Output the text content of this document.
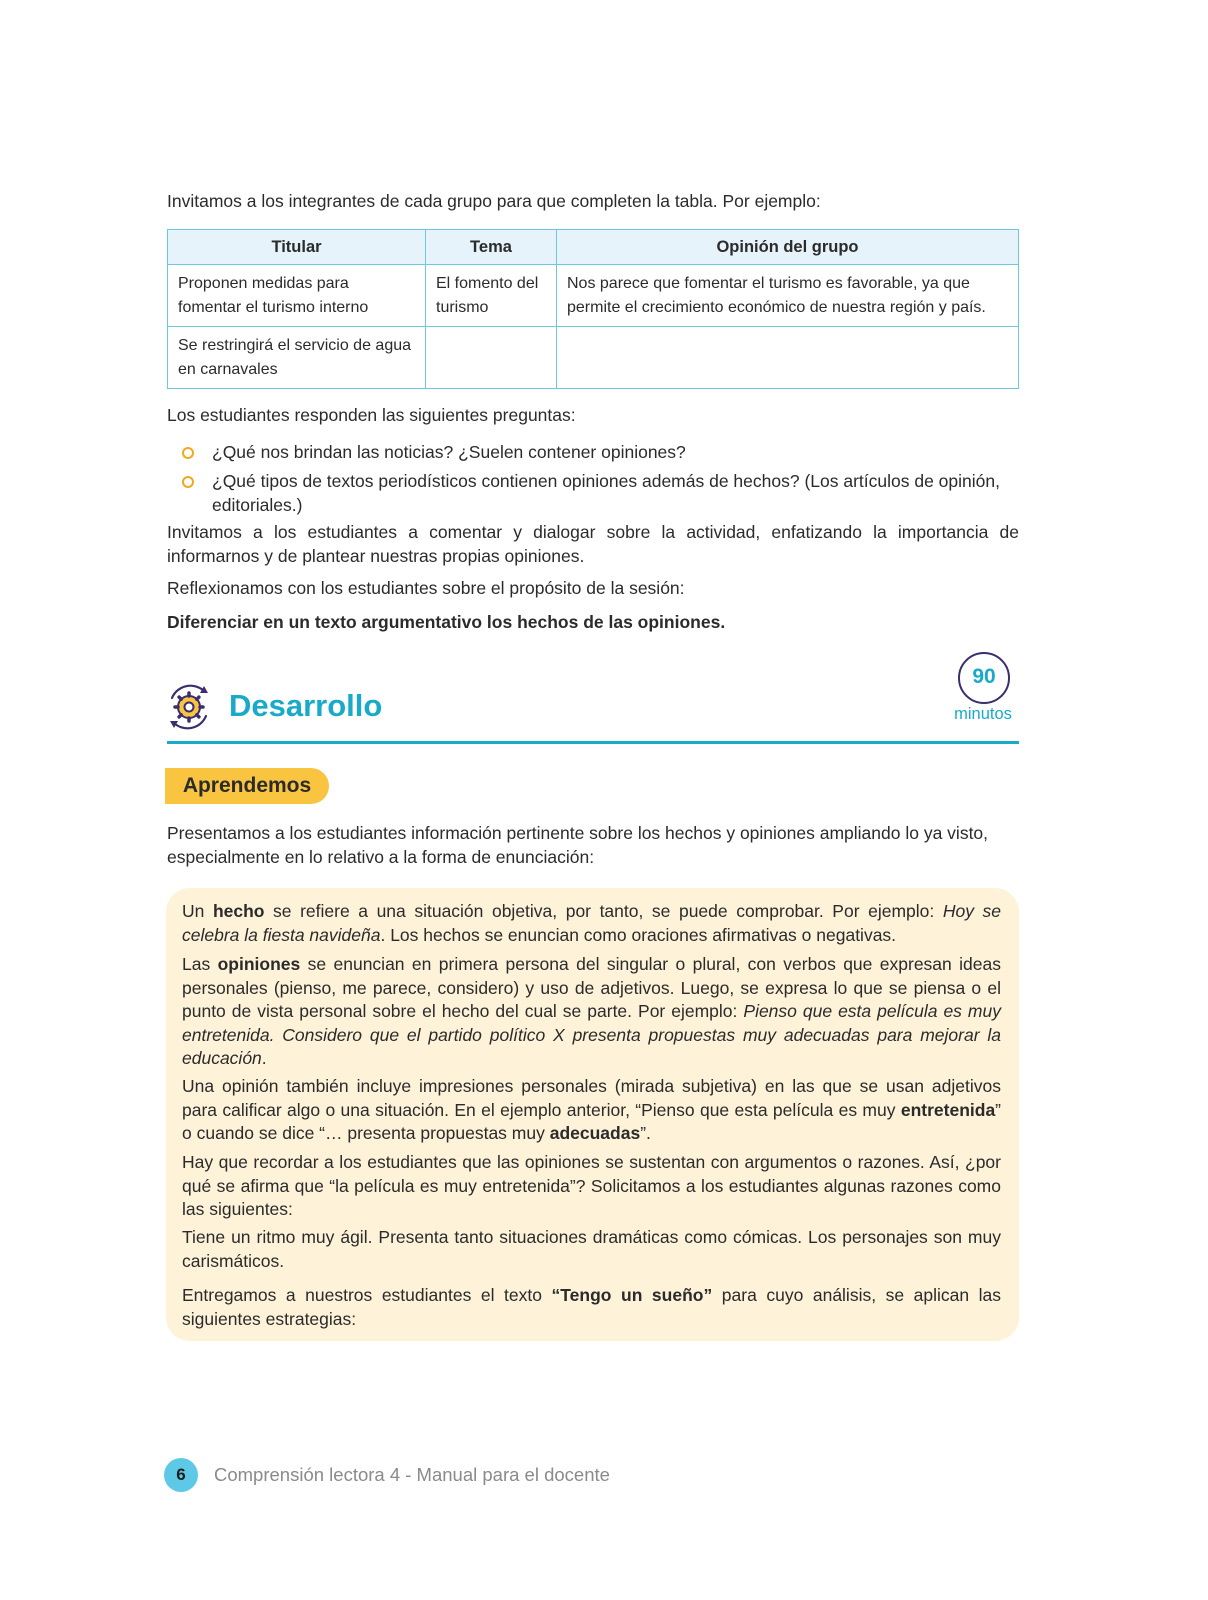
Invitamos a los integrantes de cada grupo para que completen la tabla. Por ejemplo:
Titular	Tema	Opinión del grupo
Proponen medidas para fomentar el turismo interno	El fomento del turismo	Nos parece que fomentar el turismo es favorable, ya que permite el crecimiento económico de nuestra región y país.
Se restringirá el servicio de agua en carnavales		
Los estudiantes responden las siguientes preguntas:
¿Qué nos brindan las noticias? ¿Suelen contener opiniones?
¿Qué tipos de textos periodísticos contienen opiniones además de hechos? (Los artículos de opinión, editoriales.)

Invitamos a los estudiantes a comentar y dialogar sobre la actividad, enfatizando la importancia de informarnos y de plantear nuestras propias opiniones.

Reflexionamos con los estudiantes sobre el propósito de la sesión:

Diferenciar en un texto argumentativo los hechos de las opiniones.

Desarrollo
90
minutos
Aprendemos

Presentamos a los estudiantes información pertinente sobre los hechos y opiniones ampliando lo ya visto, especialmente en lo relativo a la forma de enunciación:

Un hecho se refiere a una situación objetiva, por tanto, se puede comprobar. Por ejemplo: Hoy se celebra la fiesta navideña. Los hechos se enuncian como oraciones afirmativas o negativas.

Las opiniones se enuncian en primera persona del singular o plural, con verbos que expresan ideas personales (pienso, me parece, considero) y uso de adjetivos. Luego, se expresa lo que se piensa o el punto de vista personal sobre el hecho del cual se parte. Por ejemplo: Pienso que esta película es muy entretenida. Considero que el partido político X presenta propuestas muy adecuadas para mejorar la educación.

Una opinión también incluye impresiones personales (mirada subjetiva) en las que se usan adjetivos para calificar algo o una situación. En el ejemplo anterior, “Pienso que esta película es muy entretenida” o cuando se dice “… presenta propuestas muy adecuadas”.

Hay que recordar a los estudiantes que las opiniones se sustentan con argumentos o razones. Así, ¿por qué se afirma que “la película es muy entretenida”? Solicitamos a los estudiantes algunas razones como las siguientes:

Tiene un ritmo muy ágil. Presenta tanto situaciones dramáticas como cómicas. Los personajes son muy carismáticos.

Entregamos a nuestros estudiantes el texto “Tengo un sueño” para cuyo análisis, se aplican las siguientes estrategias:

6	Comprensión lectora 4 - Manual para el docente
